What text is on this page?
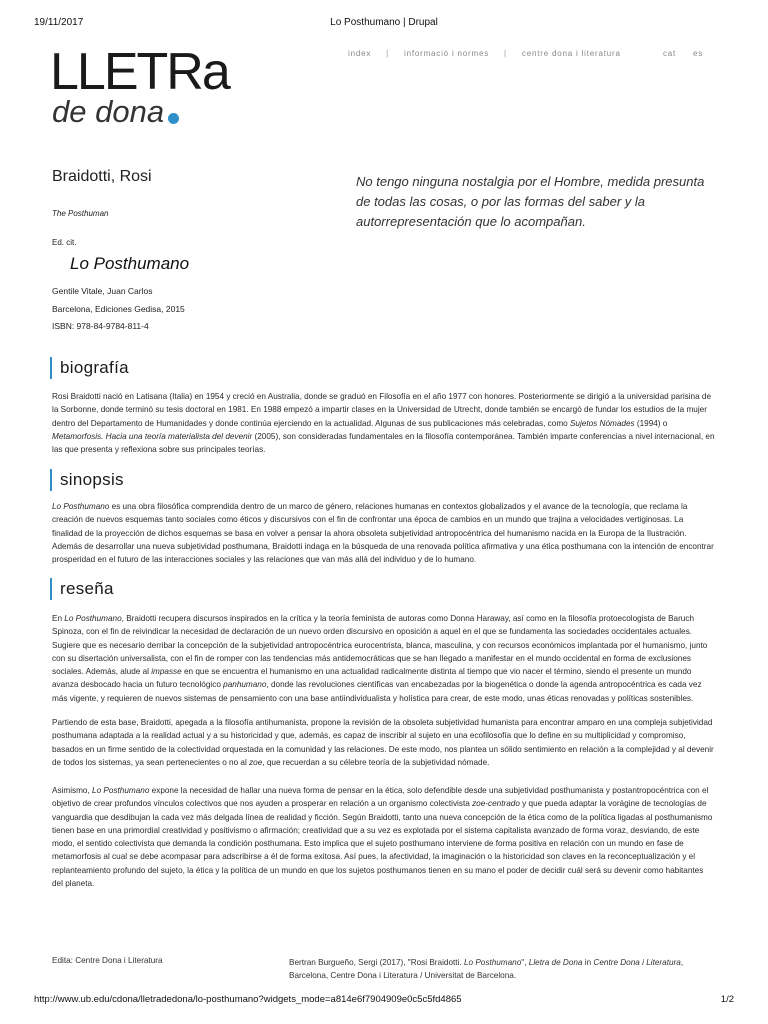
19/11/2017	Lo Posthumano | Drupal
LLETRa
de dona
index | informació i normes | centre dona i literatura	cat es
Braidotti, Rosi
The Posthuman
Ed. cit.
Lo Posthumano
Gentile Vitale, Juan Carlos
Barcelona, Ediciones Gedisa, 2015
ISBN: 978-84-9784-811-4
No tengo ninguna nostalgia por el Hombre, medida presunta de todas las cosas, o por las formas del saber y la autorrepresentación que lo acompañan.
biografía

Rosi Braidotti nació en Latisana (Italia) en 1954 y creció en Australia, donde se graduó en Filosofía en el año 1977 con honores. Posteriormente se dirigió a la universidad parisina de la Sorbonne, donde terminó su tesis doctoral en 1981. En 1988 empezó a impartir clases en la Universidad de Utrecht, donde también se encargó de fundar los estudios de la mujer dentro del Departamento de Humanidades y donde continúa ejerciendo en la actualidad. Algunas de sus publicaciones más celebradas, como Sujetos Nómades (1994) o Metamorfosis. Hacia una teoría materialista del devenir (2005), son consideradas fundamentales en la filosofía contemporánea. También imparte conferencias a nivel internacional, en las que presenta y reflexiona sobre sus principales teorías.

sinopsis

Lo Posthumano es una obra filosófica comprendida dentro de un marco de género, relaciones humanas en contextos globalizados y el avance de la tecnología, que reclama la creación de nuevos esquemas tanto sociales como éticos y discursivos con el fin de confrontar una época de cambios en un mundo que trajina a velocidades vertiginosas. La finalidad de la proyección de dichos esquemas se basa en volver a pensar la ahora obsoleta subjetividad antropocéntrica del humanismo nacida en la Europa de la Ilustración. Además de desarrollar una nueva subjetividad posthumana, Braidotti indaga en la búsqueda de una renovada política afirmativa y una ética posthumana con la intención de encontrar prosperidad en el futuro de las interacciones sociales y las relaciones que van más allá del individuo y de lo humano.

reseña

En Lo Posthumano, Braidotti recupera discursos inspirados en la crítica y la teoría feminista de autoras como Donna Haraway, así como en la filosofía protoecologista de Baruch Spinoza, con el fin de reivindicar la necesidad de declaración de un nuevo orden discursivo en oposición a aquel en el que se fundamenta las sociedades occidentales actuales. Sugiere que es necesario derribar la concepción de la subjetividad antropocéntrica eurocentrista, blanca, masculina, y con recursos económicos implantada por el humanismo, junto con su disertación universalista, con el fin de romper con las tendencias más antidemocráticas que se han llegado a manifestar en el mundo occidental en forma de exclusiones sociales. Además, alude al impasse en que se encuentra el humanismo en una actualidad radicalmente distinta al tiempo que vio nacer el término, siendo el presente un mundo avanza desbocado hacia un futuro tecnológico panhumano, donde las revoluciones científicas van encabezadas por la biogenética o donde la agenda antropocéntrica es cada vez más vigente, y requieren de nuevos sistemas de pensamiento con una base antiindividualista y holística para crear, de este modo, unas éticas renovadas y políticas sostenibles.

Partiendo de esta base, Braidotti, apegada a la filosofía antihumanista, propone la revisión de la obsoleta subjetividad humanista para encontrar amparo en una compleja subjetividad posthumana adaptada a la realidad actual y a su historicidad y que, además, es capaz de inscribir al sujeto en una ecofilosofía que lo define en su multiplicidad y compromiso, basados en un firme sentido de la colectividad orquestada en la comunidad y las relaciones. De este modo, nos plantea un sólido sentimiento en relación a la complejidad y al devenir de todos los sistemas, ya sean pertenecientes o no al zoe, que recuerdan a su célebre teoría de la subjetividad nómade.

Asimismo, Lo Posthumano expone la necesidad de hallar una nueva forma de pensar en la ética, solo defendible desde una subjetividad posthumanista y postantropocéntrica con el objetivo de crear profundos vínculos colectivos que nos ayuden a prosperar en relación a un organismo colectivista zoe-centrado y que pueda adaptar la vorágine de tecnologías de vanguardia que desdibujan la cada vez más delgada línea de realidad y ficción. Según Braidotti, tanto una nueva concepción de la ética como de la política ligadas al posthumanismo tienen base en una primordial creatividad y positivismo o afirmación; creatividad que a su vez es explotada por el sistema capitalista avanzado de forma voraz, desviando, de este modo, el sentido colectivista que demanda la condición posthumana. Esto implica que el sujeto posthumano interviene de forma positiva en relación con un mundo en fase de metamorfosis al cual se debe acompasar para adscribirse a él de forma exitosa. Así pues, la afectividad, la imaginación o la historicidad son claves en la reconceptualización y el replanteamiento profundo del sujeto, la ética y la política de un mundo en que los sujetos posthumanos tienen en su mano el poder de decidir cuál será su devenir como habitantes del planeta.

Edita: Centre Dona i Literatura	Bertran Burgueño, Sergi (2017), "Rosi Braidotti. Lo Posthumano", Lletra de Dona in Centre Dona i Literatura, Barcelona, Centre Dona i Literatura / Universitat de Barcelona.
http://www.ub.edu/cdona/lletradedona/lo-posthumano?widgets_mode=a814e6f7904909e0c5c5fd4865	1/2
